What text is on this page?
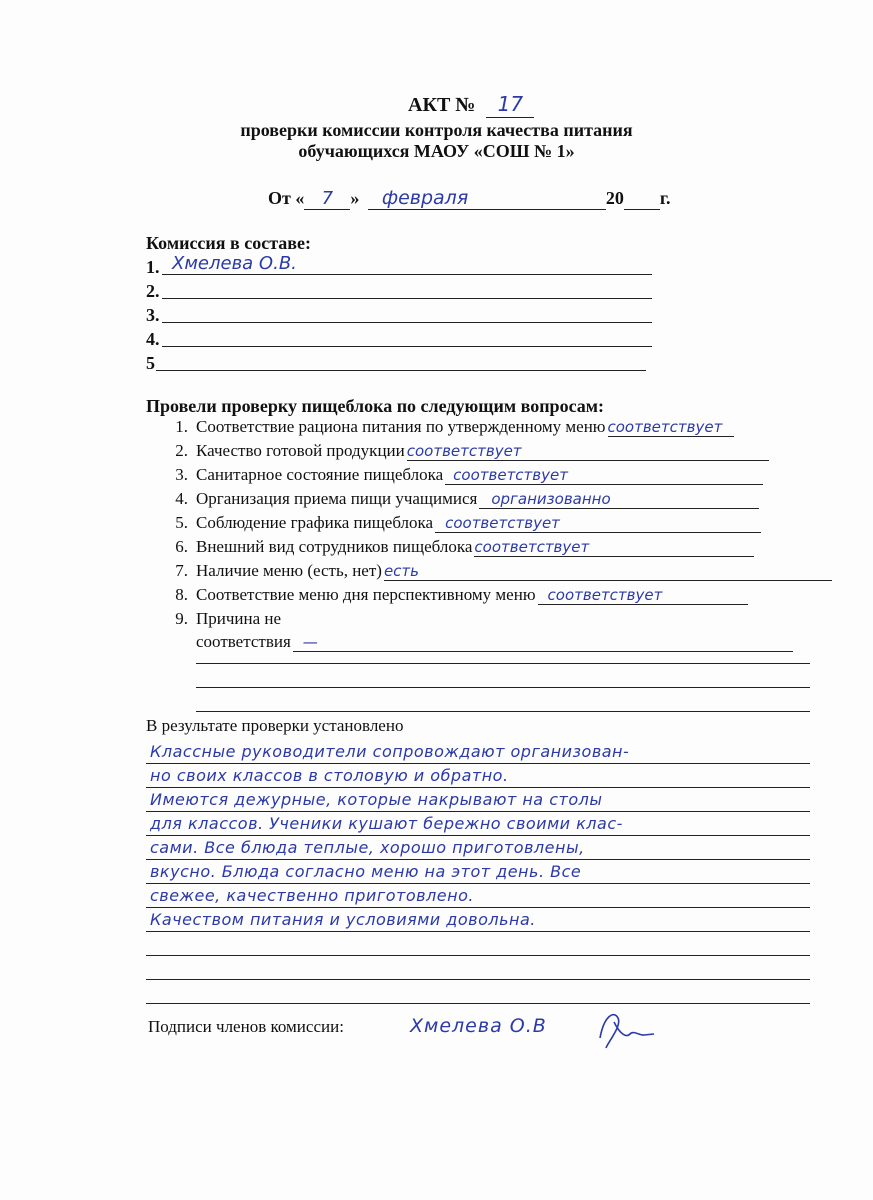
АКТ № 17
проверки комиссии контроля качества питания
обучающихся МАОУ «СОШ № 1»
От « 7 » февраля	20 г.
Комиссия в составе:
1. Хмелева О.В.
2.
3.
4.
5
Провели проверку пищеблока по следующим вопросам:
1. Соответствие рациона питания по утвержденному меню соответствует
2. Качество готовой продукции соответствует
3. Санитарное состояние пищеблока соответствует
4. Организация приема пищи учащимися организованно
5. Соблюдение графика пищеблока соответствует
6. Внешний вид сотрудников пищеблока соответствует
7. Наличие меню (есть, нет) есть
8. Соответствие меню дня перспективному меню соответствует
9. Причина не
соответствия —
В результате проверки установлено
Классные руководители сопровождают организован-
но своих классов в столовую и обратно.
Имеются дежурные, которые накрывают на столы
для классов. Ученики кушают бережно своими клас-
сами. Все блюда теплые, хорошо приготовлены,
вкусно. Блюда согласно меню на этот день. Все
свежее, качественно приготовлено.
Качеством питания и условиями довольна.
Подписи членов комиссии:	Хмелева О.В
